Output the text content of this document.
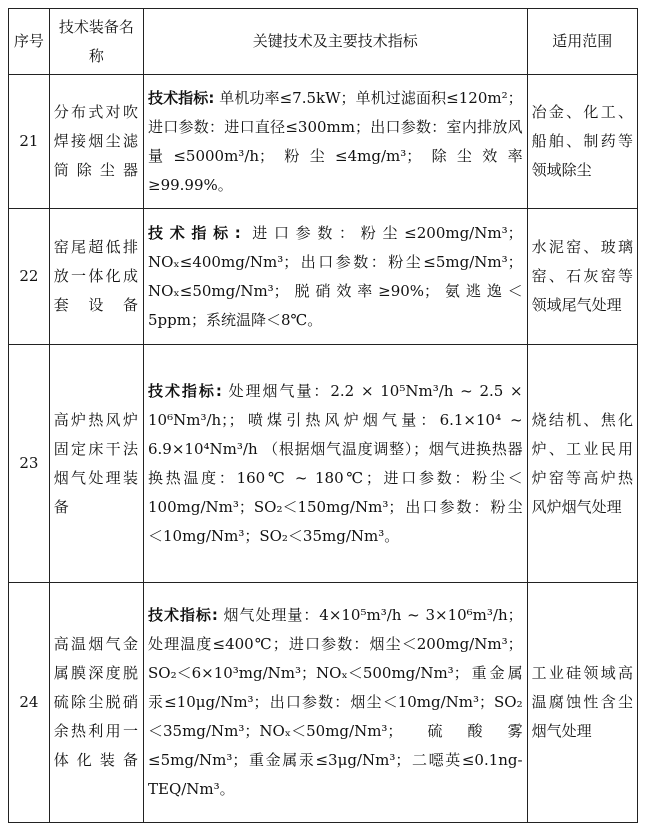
序号	技术装备名称	关键技术及主要技术指标	适用范围
21	分布式对吹焊接烟尘滤筒除尘器	技术指标: 单机功率≤7.5kW；单机过滤面积≤120m²；进口参数：进口直径≤300mm；出口参数：室内排放风量≤5000m³/h；粉尘≤4mg/m³；除尘效率≥99.99%。	冶金、化工、船舶、制药等领域除尘
22	窑尾超低排放一体化成套设备	技术指标: 进口参数：粉尘≤200mg/Nm³；NOₓ≤400mg/Nm³；出口参数：粉尘≤5mg/Nm³；NOₓ≤50mg/Nm³；脱硝效率≥90%；氨逃逸＜5ppm；系统温降＜8℃。	水泥窑、玻璃窑、石灰窑等领域尾气处理
23	高炉热风炉固定床干法烟气处理装备	技术指标: 处理烟气量：2.2 × 10⁵Nm³/h ~ 2.5 × 10⁶Nm³/h；；喷煤引热风炉烟气量：6.1×10⁴ ~ 6.9×10⁴Nm³/h （根据烟气温度调整）；烟气进换热器换热温度：160℃ ~ 180℃；进口参数：粉尘＜100mg/Nm³；SO₂＜150mg/Nm³；出口参数：粉尘＜10mg/Nm³；SO₂＜35mg/Nm³。	烧结机、焦化炉、工业民用炉窑等高炉热风炉烟气处理
24	高温烟气金属膜深度脱硫除尘脱硝余热利用一体化装备	技术指标: 烟气处理量：4×10⁵m³/h ~ 3×10⁶m³/h；处理温度≤400℃；进口参数：烟尘＜200mg/Nm³；SO₂＜6×10³mg/Nm³；NOₓ＜500mg/Nm³；重金属汞≤10μg/Nm³；出口参数：烟尘＜10mg/Nm³；SO₂＜35mg/Nm³；NOₓ＜50mg/Nm³；硫酸雾≤5mg/Nm³；重金属汞≤3μg/Nm³；二噁英≤0.1ng-TEQ/Nm³。	工业硅领域高温腐蚀性含尘烟气处理
